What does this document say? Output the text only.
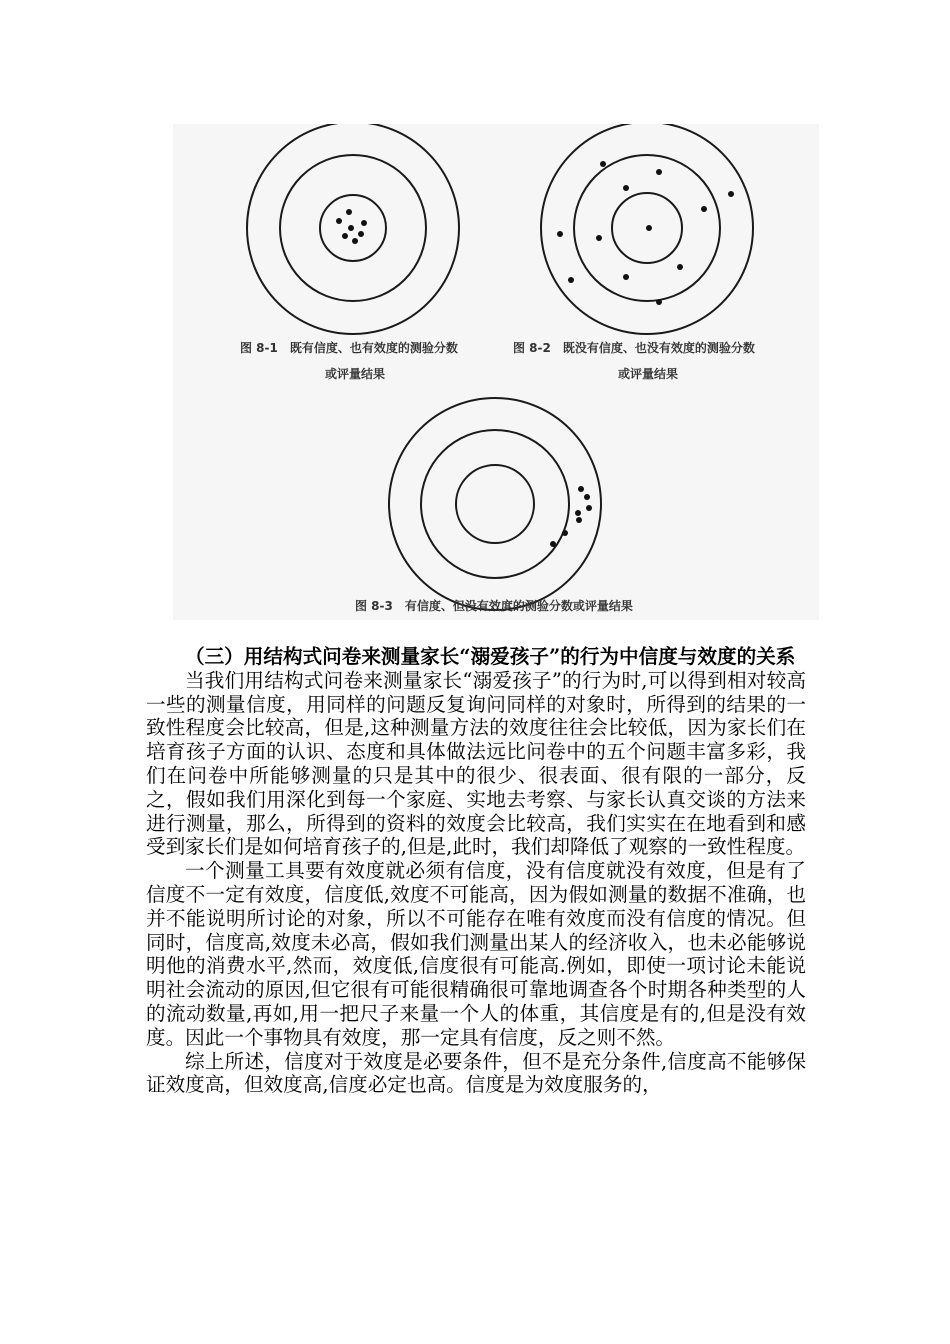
图 8-1　既有信度、也有效度的测验分数
或评量结果
图 8-2　既没有信度、也没有效度的测验分数
或评量结果
图 8-3　有信度、但没有效度的测验分数或评量结果

（三）用结构式问卷来测量家长“溺爱孩子”的行为中信度与效度的关系

当我们用结构式问卷来测量家长“溺爱孩子”的行为时,可以得到相对较高一些的测量信度，用同样的问题反复询问同样的对象时，所得到的结果的一致性程度会比较高，但是,这种测量方法的效度往往会比较低，因为家长们在培育孩子方面的认识、态度和具体做法远比问卷中的五个问题丰富多彩，我们在问卷中所能够测量的只是其中的很少、很表面、很有限的一部分，反之，假如我们用深化到每一个家庭、实地去考察、与家长认真交谈的方法来进行测量，那么，所得到的资料的效度会比较高，我们实实在在地看到和感受到家长们是如何培育孩子的,但是,此时，我们却降低了观察的一致性程度。

一个测量工具要有效度就必须有信度，没有信度就没有效度，但是有了信度不一定有效度，信度低,效度不可能高，因为假如测量的数据不准确，也并不能说明所讨论的对象，所以不可能存在唯有效度而没有信度的情况。但同时，信度高,效度未必高，假如我们测量出某人的经济收入，也未必能够说明他的消费水平,然而，效度低,信度很有可能高.例如，即使一项讨论未能说明社会流动的原因,但它很有可能很精确很可靠地调查各个时期各种类型的人的流动数量,再如,用一把尺子来量一个人的体重，其信度是有的,但是没有效度。因此一个事物具有效度，那一定具有信度，反之则不然。

综上所述，信度对于效度是必要条件，但不是充分条件,信度高不能够保证效度高，但效度高,信度必定也高。信度是为效度服务的，
